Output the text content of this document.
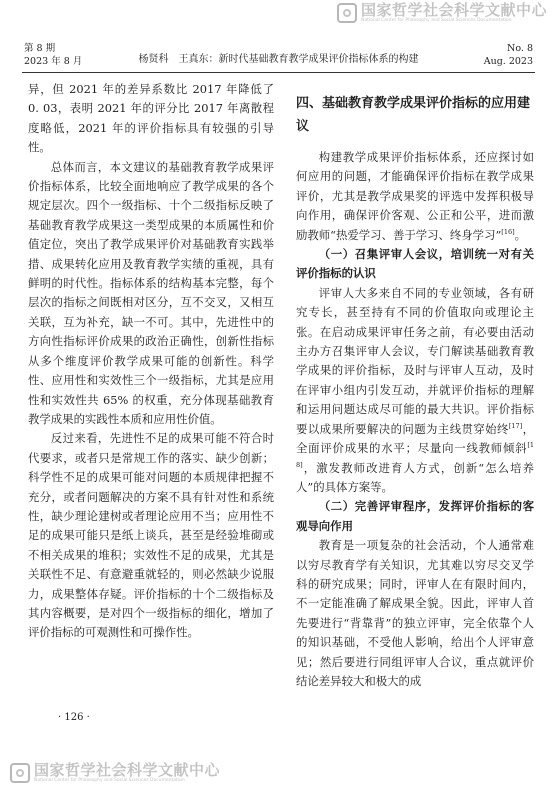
国家哲学社会科学文献中心
National Center for Philosophy and Social Sciences Documentation
第 8 期
2023 年 8 月	杨贤科　王真东：新时代基础教育教学成果评价指标体系的构建
No. 8
Aug. 2023

异，但 2021 年的差异系数比 2017 年降低了 0. 03，表明 2021 年的评分比 2017 年离散程度略低，2021 年的评价指标具有较强的引导性。

总体而言，本文建议的基础教育教学成果评价指标体系，比较全面地响应了教学成果的各个规定层次。四个一级指标、十个二级指标反映了基础教育教学成果这一类型成果的本质属性和价值定位，突出了教学成果评价对基础教育实践举措、成果转化应用及教育教学实绩的重视，具有鲜明的时代性。指标体系的结构基本完整，每个层次的指标之间既相对区分，互不交叉，又相互关联，互为补充，缺一不可。其中，先进性中的方向性指标评价成果的政治正确性，创新性指标从多个维度评价教学成果可能的创新性。科学性、应用性和实效性三个一级指标，尤其是应用性和实效性共 65% 的权重，充分体现基础教育教学成果的实践性本质和应用性价值。

反过来看，先进性不足的成果可能不符合时代要求，或者只是常规工作的落实、缺少创新；科学性不足的成果可能对问题的本质规律把握不充分，或者问题解决的方案不具有针对性和系统性，缺少理论建树或者理论应用不当；应用性不足的成果可能只是纸上谈兵，甚至是经验堆砌或不相关成果的堆积；实效性不足的成果，尤其是关联性不足、有意避重就轻的，则必然缺少说服力，成果整体存疑。评价指标的十个二级指标及其内容概要，是对四个一级指标的细化，增加了评价指标的可观测性和可操作性。

四、基础教育教学成果评价指标的应用建议

构建教学成果评价指标体系，还应探讨如何应用的问题，才能确保评价指标在教学成果评价，尤其是教学成果奖的评选中发挥积极导向作用，确保评价客观、公正和公平，进而激励教师“热爱学习、善于学习、终身学习”[16]。

（一）召集评审人会议，培训统一对有关评价指标的认识

评审人大多来自不同的专业领域，各有研究专长，甚至持有不同的价值取向或理论主张。在启动成果评审任务之前，有必要由活动主办方召集评审人会议，专门解读基础教育教学成果的评价指标，及时与评审人互动，及时在评审小组内引发互动，并就评价指标的理解和运用问题达成尽可能的最大共识。评价指标要以成果所要解决的问题为主线贯穿始终[17]，全面评价成果的水平；尽量向一线教师倾斜[18]，激发教师改进育人方式，创新“怎么培养人”的具体方案等。

（二）完善评审程序，发挥评价指标的客观导向作用

教育是一项复杂的社会活动，个人通常难以穷尽教育学有关知识，尤其难以穷尽交叉学科的研究成果；同时，评审人在有限时间内，不一定能准确了解成果全貌。因此，评审人首先要进行“背靠背”的独立评审，完全依靠个人的知识基础，不受他人影响，给出个人评审意见；然后要进行同组评审人合议，重点就评价结论差异较大和极大的成

· 126 ·
国家哲学社会科学文献中心
National Center for Philosophy and Social Sciences Documentation
